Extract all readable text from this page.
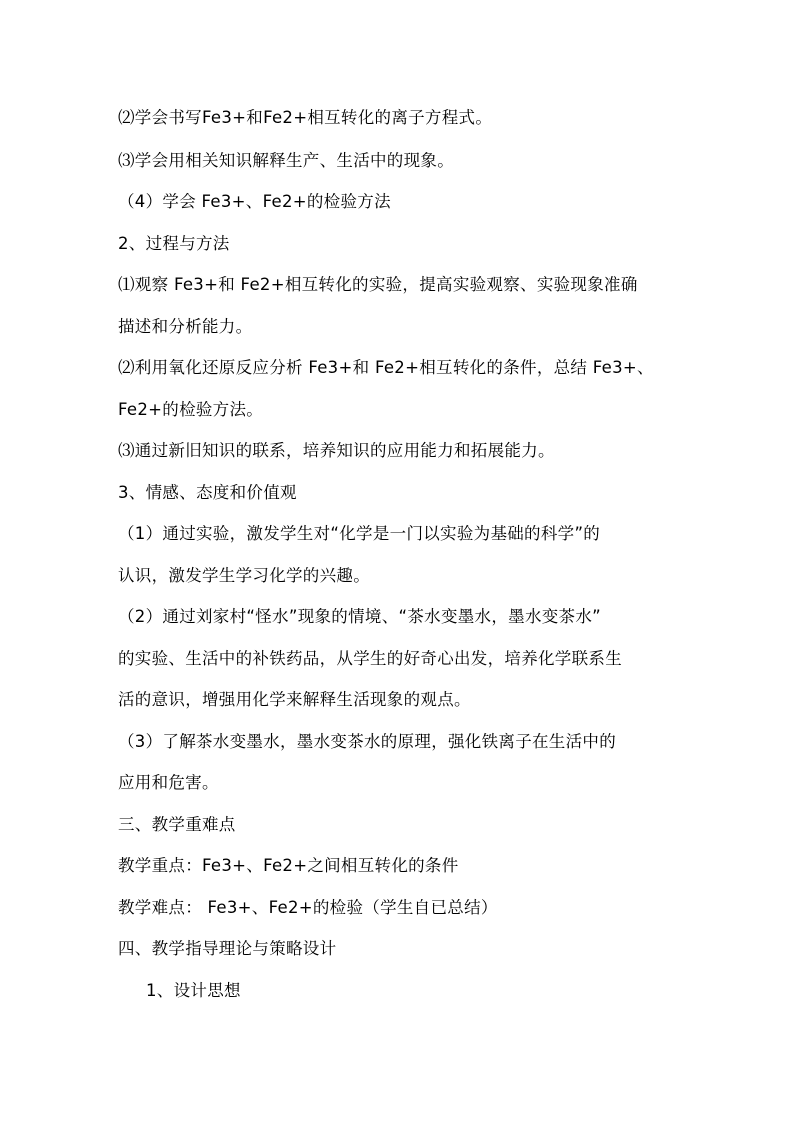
⑵学会书写Fe3+和Fe2+相互转化的离子方程式。
⑶学会用相关知识解释生产、生活中的现象。
（4）学会 Fe3+、Fe2+的检验方法
2、过程与方法
⑴观察 Fe3+和 Fe2+相互转化的实验，提高实验观察、实验现象准确
描述和分析能力。
⑵利用氧化还原反应分析 Fe3+和 Fe2+相互转化的条件，总结 Fe3+、
Fe2+的检验方法。
⑶通过新旧知识的联系，培养知识的应用能力和拓展能力。
3、情感、态度和价值观
（1）通过实验，激发学生对“化学是一门以实验为基础的科学”的
认识，激发学生学习化学的兴趣。
（2）通过刘家村“怪水”现象的情境、“茶水变墨水，墨水变茶水”
的实验、生活中的补铁药品，从学生的好奇心出发，培养化学联系生
活的意识，增强用化学来解释生活现象的观点。
（3）了解茶水变墨水，墨水变茶水的原理，强化铁离子在生活中的
应用和危害。
三、教学重难点
教学重点：Fe3+、Fe2+之间相互转化的条件
教学难点： Fe3+、Fe2+的检验（学生自已总结）
四、教学指导理论与策略设计
1、设计思想
